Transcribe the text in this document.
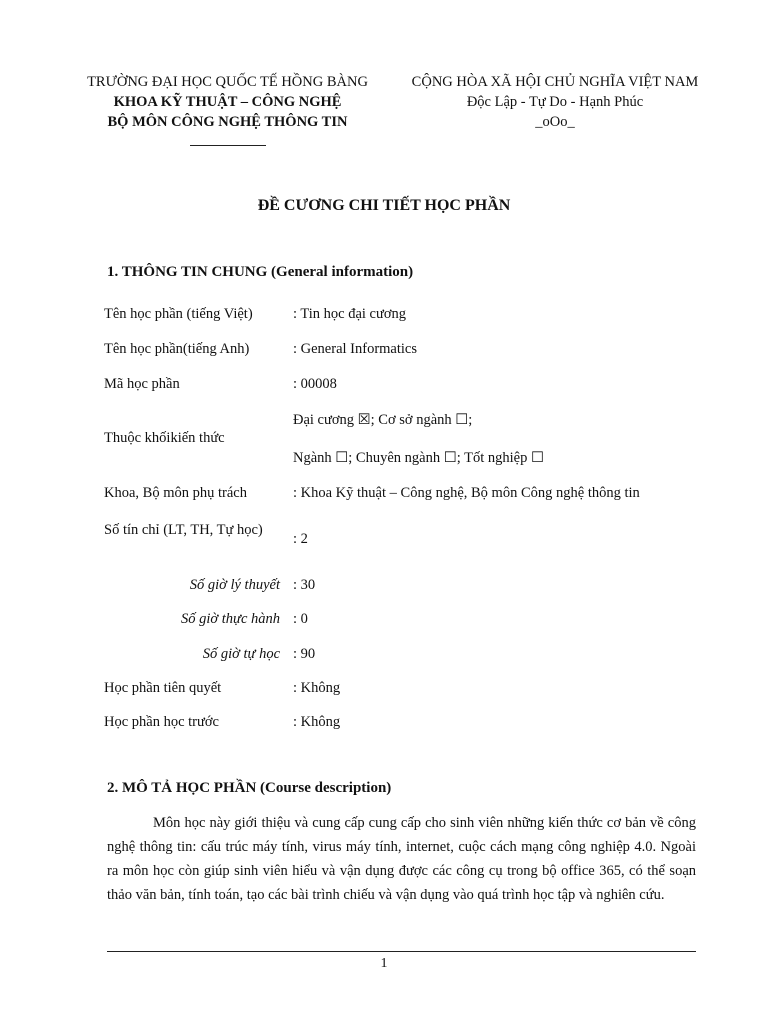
TRƯỜNG ĐẠI HỌC QUỐC TẾ HỒNG BÀNG
KHOA KỸ THUẬT – CÔNG NGHỆ
BỘ MÔN CÔNG NGHỆ THÔNG TIN
CỘNG HÒA XÃ HỘI CHỦ NGHĨA VIỆT NAM
Độc Lập - Tự Do - Hạnh Phúc
_oOo_
ĐỀ CƯƠNG CHI TIẾT HỌC PHẦN
1. THÔNG TIN CHUNG (General information)
Tên học phần (tiếng Việt)	: Tin học đại cương
Tên học phần(tiếng Anh)	: General Informatics
Mã học phần	: 00008
Thuộc khốikiến thức
Đại cương ☒; Cơ sở ngành ☐;
Ngành ☐; Chuyên ngành ☐; Tốt nghiệp ☐
Khoa, Bộ môn phụ trách	: Khoa Kỹ thuật – Công nghệ, Bộ môn Công nghệ thông tin
Số tín chỉ (LT, TH, Tự học)
: 2
Số giờ lý thuyết : 30
Số giờ thực hành : 0
Số giờ tự học : 90
Học phần tiên quyết	: Không
Học phần học trước	: Không
2. MÔ TẢ HỌC PHẦN (Course description)
Môn học này giới thiệu và cung cấp cung cấp cho sinh viên những kiến thức cơ bản về công nghệ thông tin: cấu trúc máy tính, virus máy tính, internet, cuộc cách mạng công nghiệp 4.0. Ngoài ra môn học còn giúp sinh viên hiểu và vận dụng được các công cụ trong bộ office 365, có thể soạn thảo văn bản, tính toán, tạo các bài trình chiếu và vận dụng vào quá trình học tập và nghiên cứu.
1
